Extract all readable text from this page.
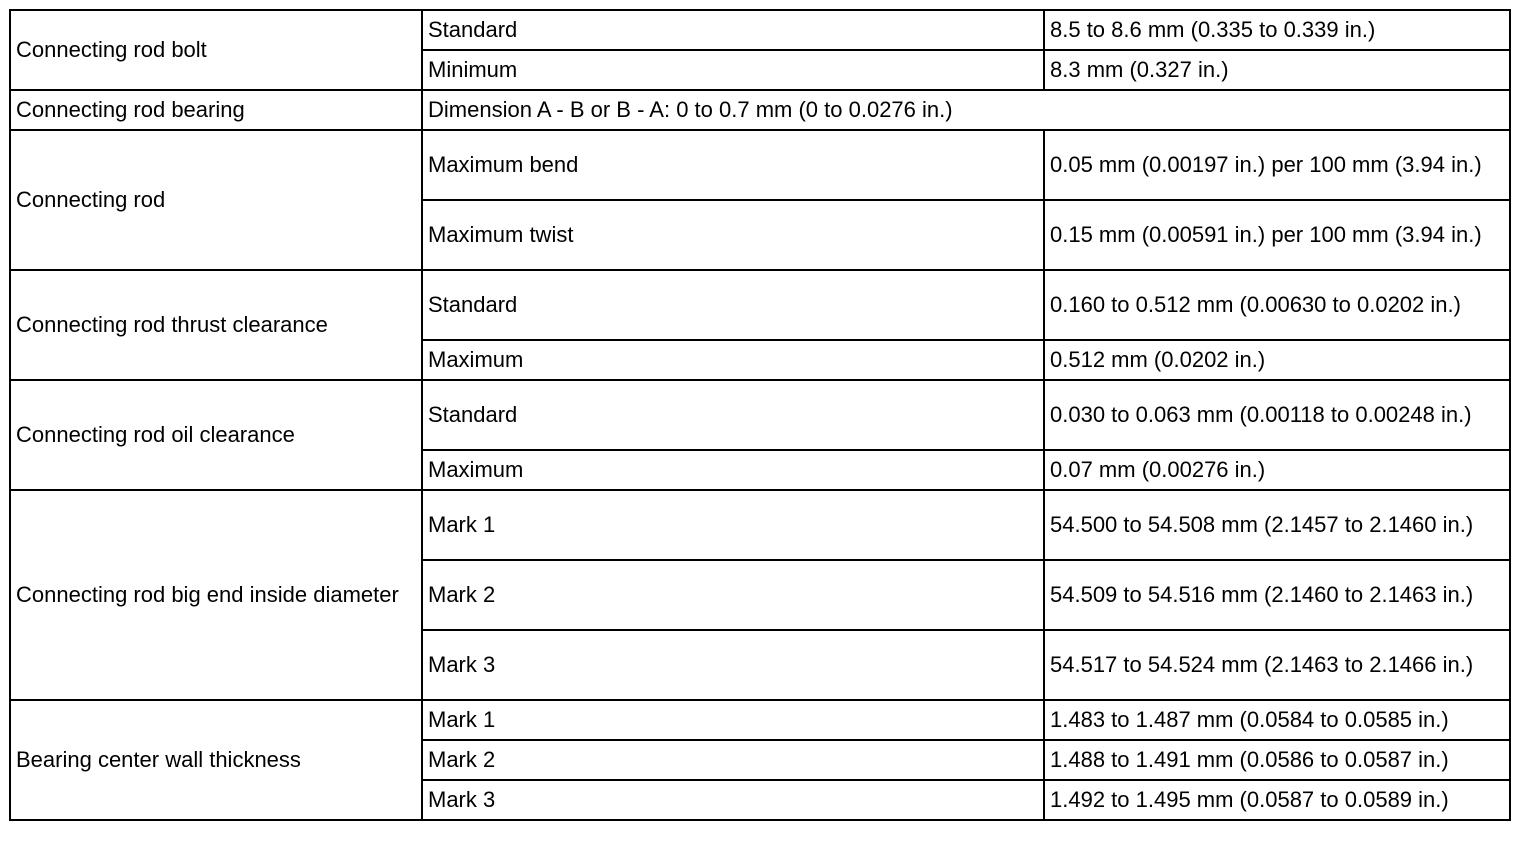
Connecting rod bolt	Standard	8.5 to 8.6 mm (0.335 to 0.339 in.)
	Minimum	8.3 mm (0.327 in.)
Connecting rod bearing	Dimension A - B or B - A: 0 to 0.7 mm (0 to 0.0276 in.)	
Connecting rod	Maximum bend	0.05 mm (0.00197 in.) per 100 mm (3.94 in.)
	Maximum twist	0.15 mm (0.00591 in.) per 100 mm (3.94 in.)
Connecting rod thrust clearance	Standard	0.160 to 0.512 mm (0.00630 to 0.0202 in.)
	Maximum	0.512 mm (0.0202 in.)
Connecting rod oil clearance	Standard	0.030 to 0.063 mm (0.00118 to 0.00248 in.)
	Maximum	0.07 mm (0.00276 in.)
Connecting rod big end inside diameter	Mark 1	54.500 to 54.508 mm (2.1457 to 2.1460 in.)
	Mark 2	54.509 to 54.516 mm (2.1460 to 2.1463 in.)
	Mark 3	54.517 to 54.524 mm (2.1463 to 2.1466 in.)
Bearing center wall thickness	Mark 1	1.483 to 1.487 mm (0.0584 to 0.0585 in.)
	Mark 2	1.488 to 1.491 mm (0.0586 to 0.0587 in.)
	Mark 3	1.492 to 1.495 mm (0.0587 to 0.0589 in.)
